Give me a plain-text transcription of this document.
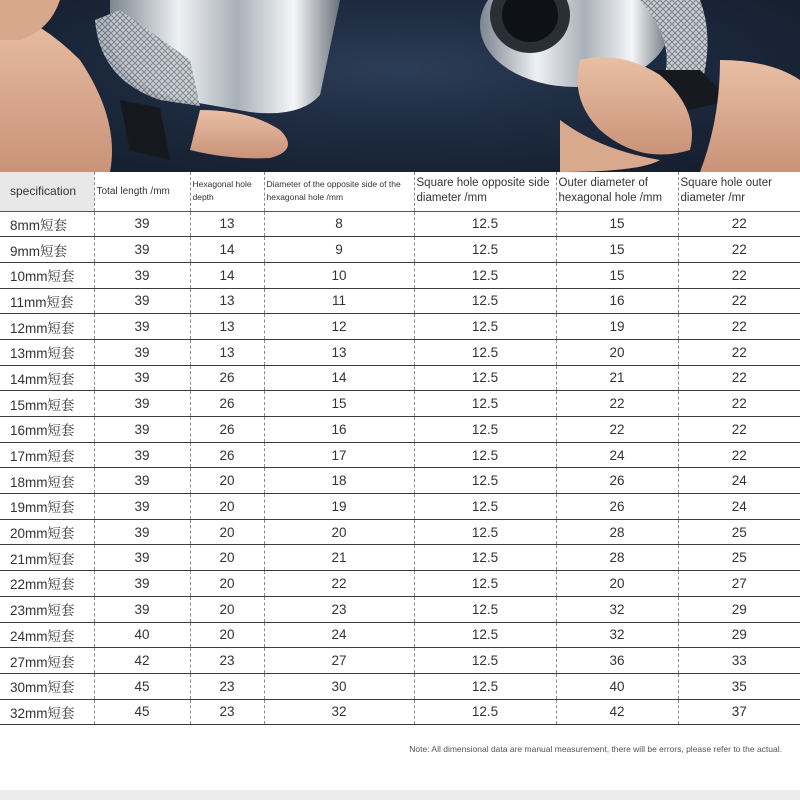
specification	Total length /mm	Hexagonal hole depth	Diameter of the opposite side of the hexagonal hole /mm	Square hole opposite side diameter /mm	Outer diameter of hexagonal hole /mm	Square hole outer diameter /mr
8mm短套	39	13	8	12.5	15	22
9mm短套	39	14	9	12.5	15	22
10mm短套	39	14	10	12.5	15	22
11mm短套	39	13	11	12.5	16	22
12mm短套	39	13	12	12.5	19	22
13mm短套	39	13	13	12.5	20	22
14mm短套	39	26	14	12.5	21	22
15mm短套	39	26	15	12.5	22	22
16mm短套	39	26	16	12.5	22	22
17mm短套	39	26	17	12.5	24	22
18mm短套	39	20	18	12.5	26	24
19mm短套	39	20	19	12.5	26	24
20mm短套	39	20	20	12.5	28	25
21mm短套	39	20	21	12.5	28	25
22mm短套	39	20	22	12.5	20	27
23mm短套	39	20	23	12.5	32	29
24mm短套	40	20	24	12.5	32	29
27mm短套	42	23	27	12.5	36	33
30mm短套	45	23	30	12.5	40	35
32mm短套	45	23	32	12.5	42	37
Note: All dimensional data are manual measurement, there will be errors, please refer to the actual.
